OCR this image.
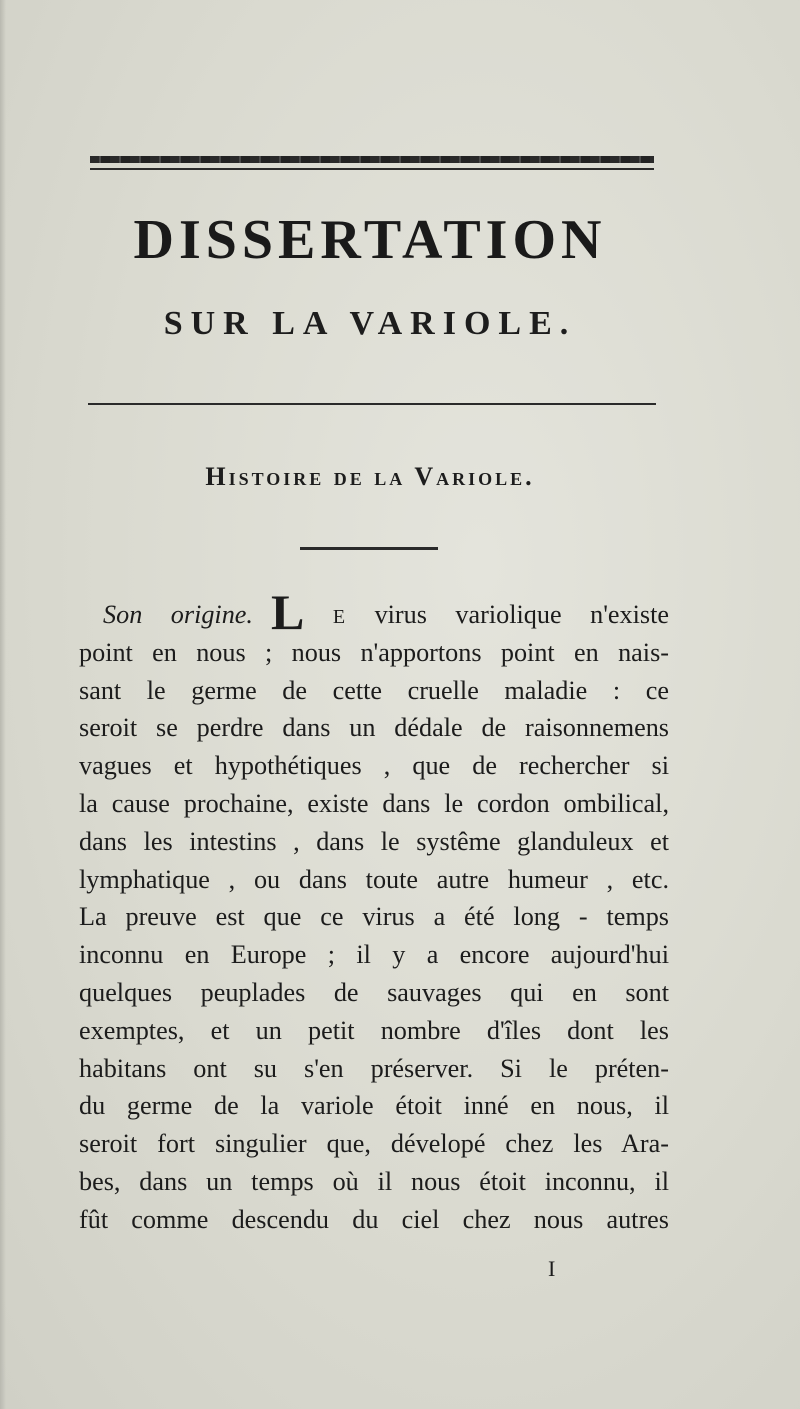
DISSERTATION
SUR LA VARIOLE.
Histoire de la Variole.
Son origine. L E virus variolique n'existe
point en nous ; nous n'apportons point en nais-
sant le germe de cette cruelle maladie : ce
seroit se perdre dans un dédale de raisonnemens
vagues et hypothétiques , que de rechercher si
la cause prochaine, existe dans le cordon ombilical,
dans les intestins , dans le systême glanduleux et
lymphatique , ou dans toute autre humeur , etc.
La preuve est que ce virus a été long - temps
inconnu en Europe ; il y a encore aujourd'hui
quelques peuplades de sauvages qui en sont
exemptes, et un petit nombre d'îles dont les
habitans ont su s'en préserver. Si le préten-
du germe de la variole étoit inné en nous, il
seroit fort singulier que, dévelopé chez les Ara-
bes, dans un temps où il nous étoit inconnu, il
fût comme descendu du ciel chez nous autres
I
